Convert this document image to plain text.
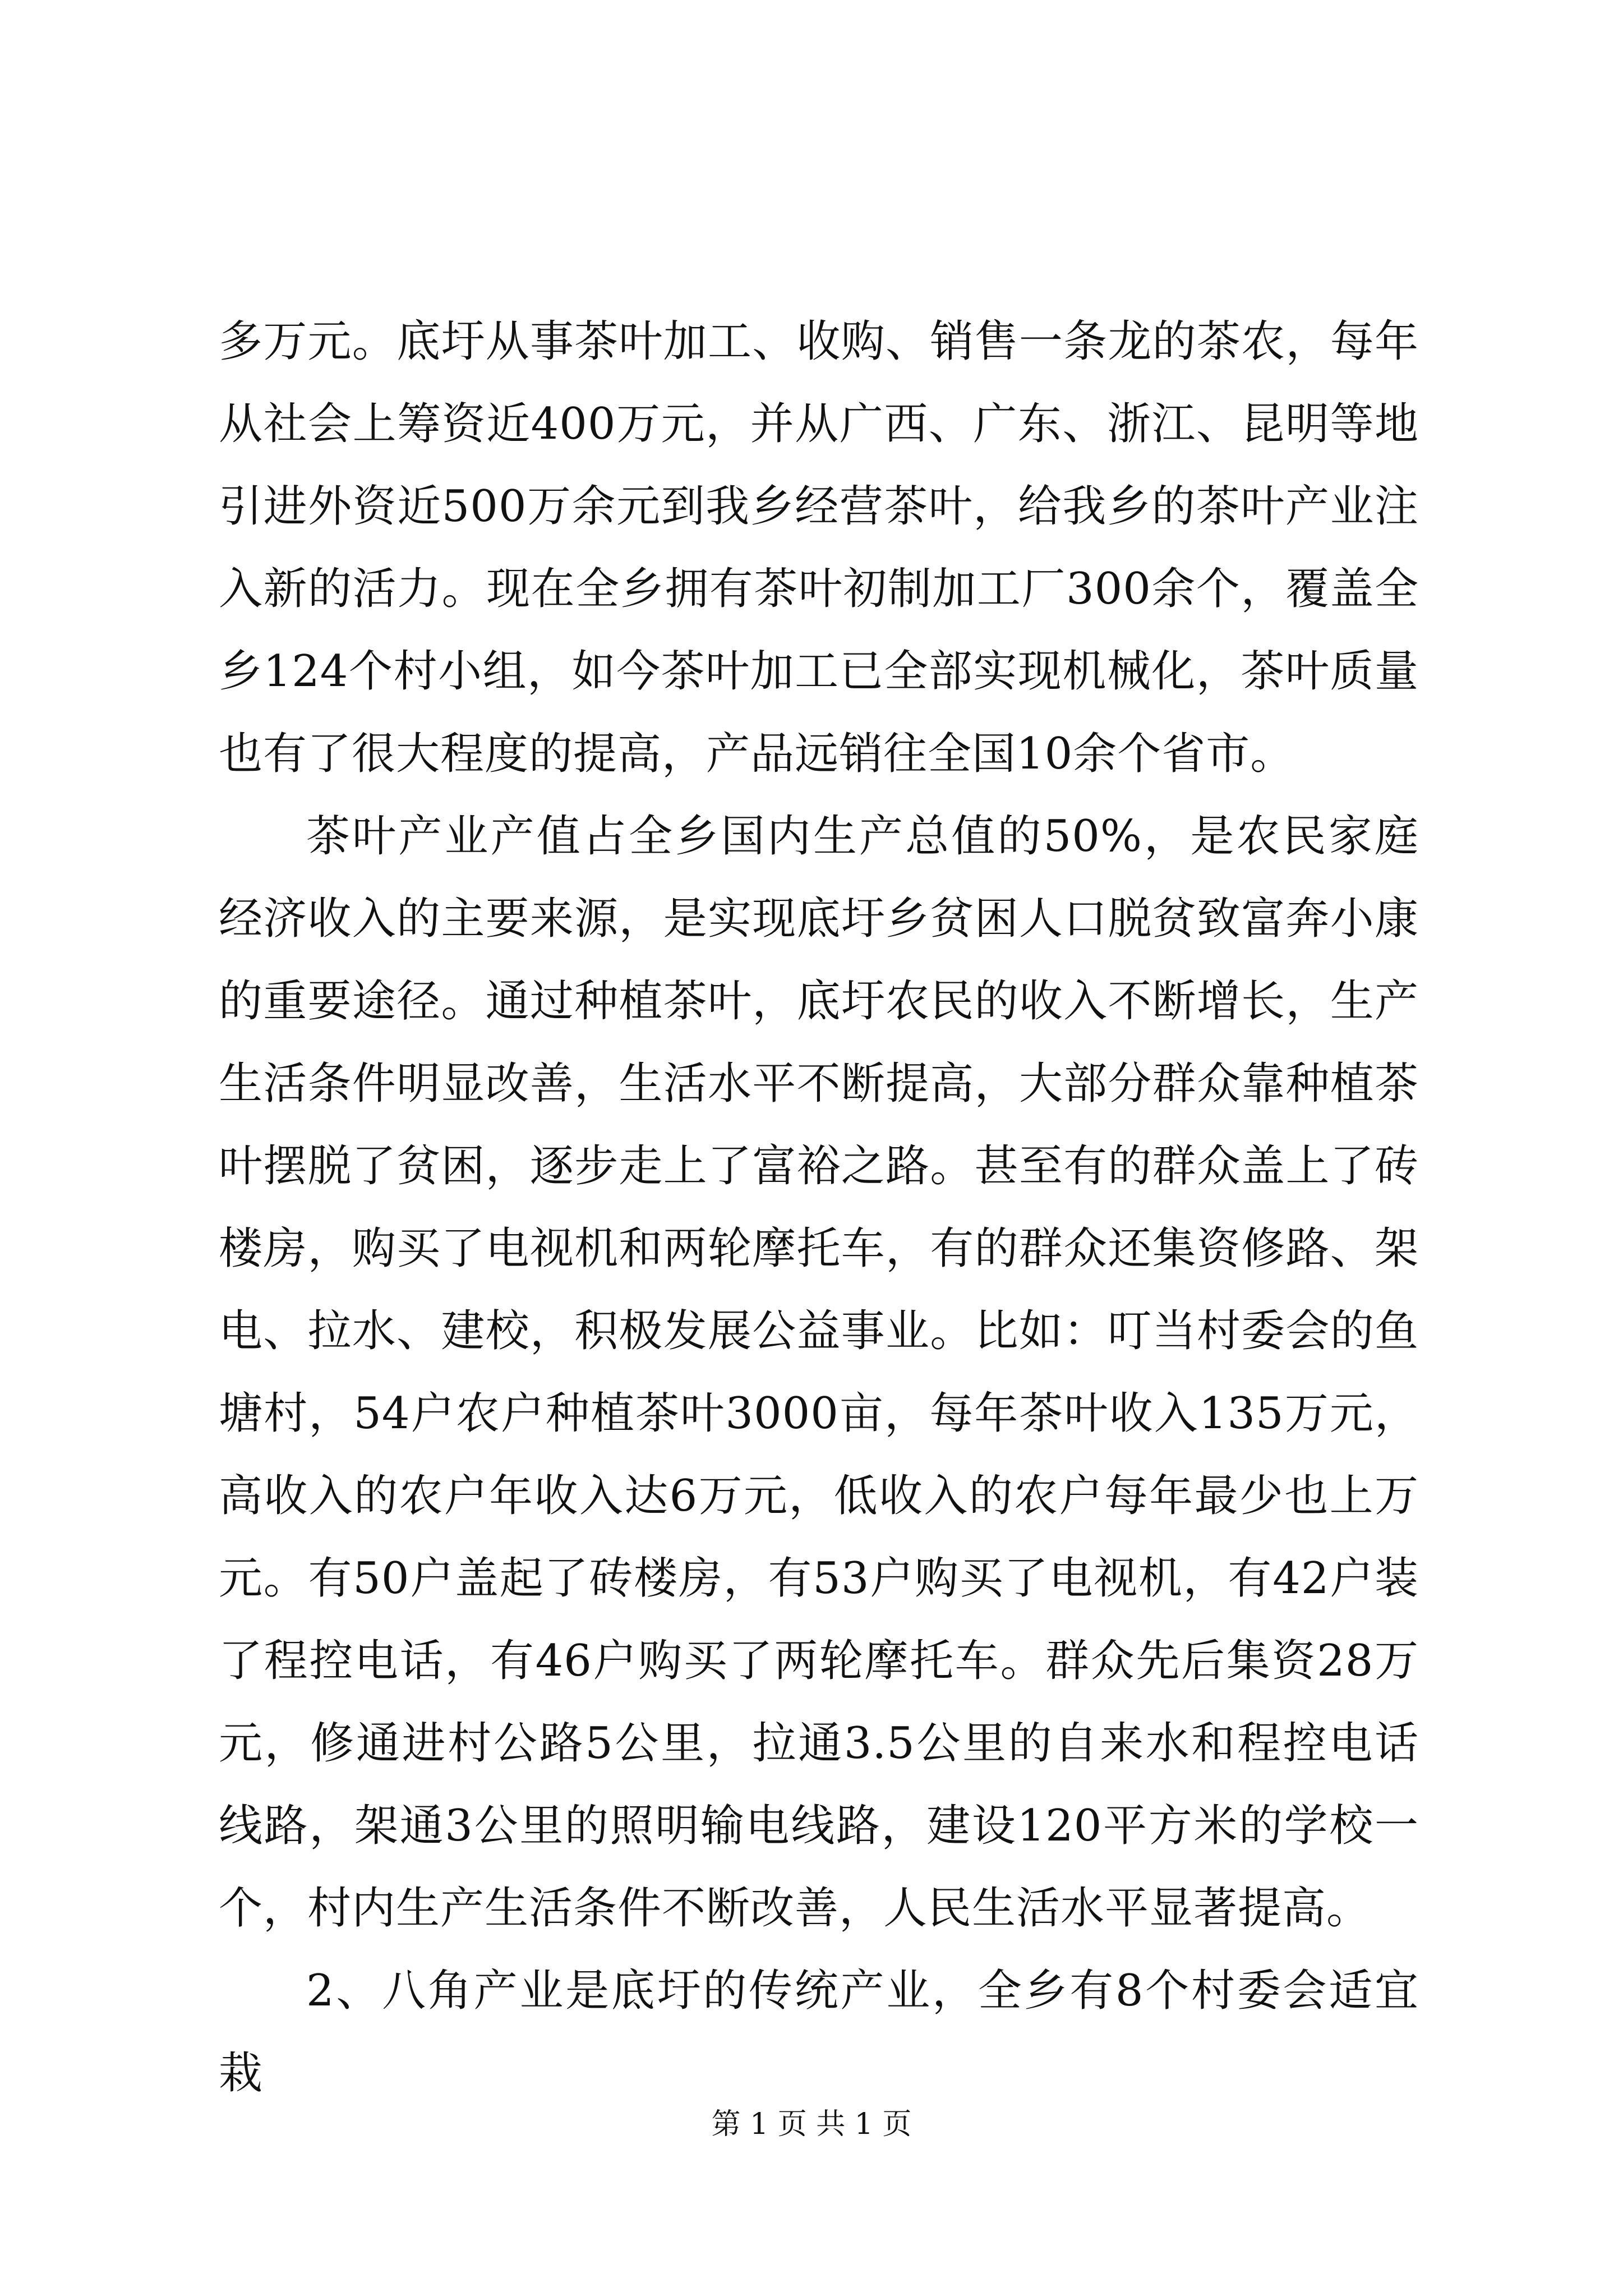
多万元。底圩从事茶叶加工、收购、销售一条龙的茶农，每年从社会上筹资近400万元，并从广西、广东、浙江、昆明等地引进外资近500万余元到我乡经营茶叶，给我乡的茶叶产业注入新的活力。现在全乡拥有茶叶初制加工厂300余个，覆盖全乡124个村小组，如今茶叶加工已全部实现机械化，茶叶质量也有了很大程度的提高，产品远销往全国10余个省市。

茶叶产业产值占全乡国内生产总值的50%，是农民家庭经济收入的主要来源，是实现底圩乡贫困人口脱贫致富奔小康的重要途径。通过种植茶叶，底圩农民的收入不断增长，生产生活条件明显改善，生活水平不断提高，大部分群众靠种植茶叶摆脱了贫困，逐步走上了富裕之路。甚至有的群众盖上了砖楼房，购买了电视机和两轮摩托车，有的群众还集资修路、架电、拉水、建校，积极发展公益事业。比如：叮当村委会的鱼塘村，54户农户种植茶叶3000亩，每年茶叶收入135万元，高收入的农户年收入达6万元，低收入的农户每年最少也上万元。有50户盖起了砖楼房，有53户购买了电视机，有42户装了程控电话，有46户购买了两轮摩托车。群众先后集资28万元，修通进村公路5公里，拉通3.5公里的自来水和程控电话线路，架通3公里的照明输电线路，建设120平方米的学校一个，村内生产生活条件不断改善，人民生活水平显著提高。

2、八角产业是底圩的传统产业，全乡有8个村委会适宜栽

第 1 页 共 1 页
